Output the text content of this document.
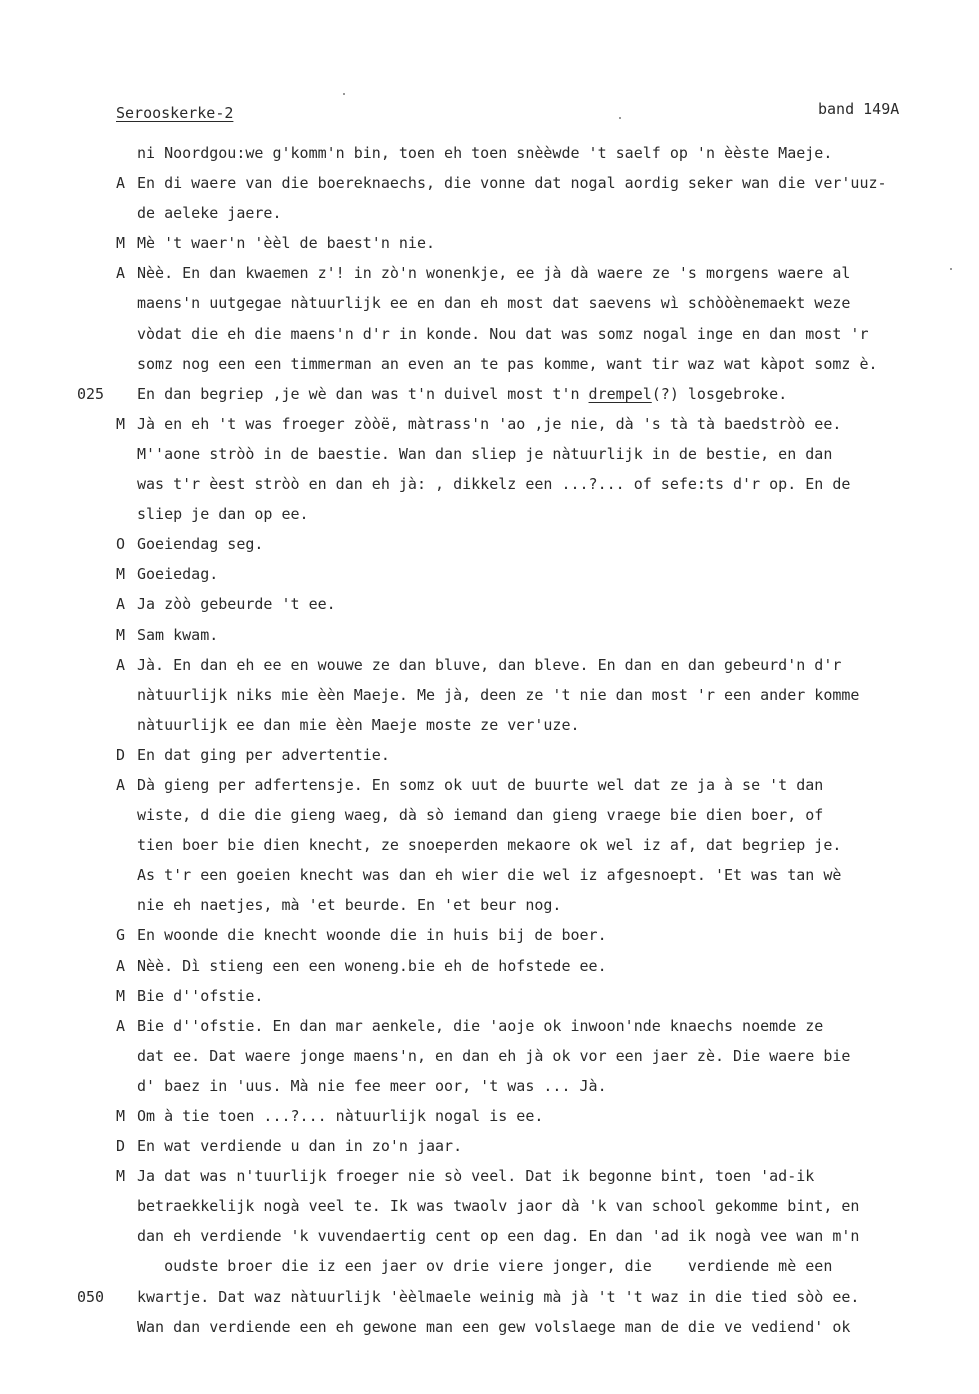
Serooskerke-2	band 149A
ni Noordgou:we g'komm'n bin, toen eh toen snèèwde 't saelf op 'n èèste Maeje.
A En di waere van die boereknaechs, die vonne dat nogal aordig seker wan die ver'uuz-
de aeleke jaere.
M Mè 't waer'n 'èèl de baest'n nie.
A Nèè. En dan kwaemen z'! in zò'n wonenkje, ee jà dà waere ze 's morgens waere al
maens'n uutgegae nàtuurlijk ee en dan eh most dat saevens wì schòòènemaekt weze
vòdat die eh die maens'n d'r in konde. Nou dat was somz nogal inge en dan most 'r
somz nog een een timmerman an even an te pas komme, want tir waz wat kàpot somz è.
025 En dan begriep ,je wè dan was t'n duivel most t'n drempel(?) losgebroke.
M Jà en eh 't was froeger zòòë, màtrass'n 'ao ,je nie, dà 's tà tà baedstròò ee.
M''aone stròò in de baestie. Wan dan sliep je nàtuurlijk in de bestie, en dan
was t'r èest stròò en dan eh jà: , dikkelz een ...?... of sefe:ts d'r op. En de
sliep je dan op ee.
O Goeiendag seg.
M Goeiedag.
A Ja zòò gebeurde 't ee.
M Sam kwam.
A Jà. En dan eh ee en wouwe ze dan bluve, dan bleve. En dan en dan gebeurd'n d'r
nàtuurlijk niks mie èèn Maeje. Me jà, deen ze 't nie dan most 'r een ander komme
nàtuurlijk ee dan mie èèn Maeje moste ze ver'uze.
D En dat ging per advertentie.
A Dà gieng per adfertensje. En somz ok uut de buurte wel dat ze ja à se 't dan
wiste, d die die gieng waeg, dà sò iemand dan gieng vraege bie dien boer, of
tien boer bie dien knecht, ze snoeperden mekaore ok wel iz af, dat begriep je.
As t'r een goeien knecht was dan eh wier die wel iz afgesnoept. 'Et was tan wè
nie eh naetjes, mà 'et beurde. En 'et beur nog.
G En woonde die knecht woonde die in huis bij de boer.
A Nèè. Dì stieng een een woneng.bie eh de hofstede ee.
M Bie d''ofstie.
A Bie d''ofstie. En dan mar aenkele, die 'aoje ok inwoon'nde knaechs noemde ze
dat ee. Dat waere jonge maens'n, en dan eh jà ok vor een jaer zè. Die waere bie
d' baez in 'uus. Mà nie fee meer oor, 't was ... Jà.
M Om à tie toen ...?... nàtuurlijk nogal is ee.
D En wat verdiende u dan in zo'n jaar.
M Ja dat was n'tuurlijk froeger nie sò veel. Dat ik begonne bint, toen 'ad-ik
betraekkelijk nogà veel te. Ik was twaolv jaor dà 'k van school gekomme bint, en
dan eh verdiende 'k vuvendaertig cent op een dag. En dan 'ad ik nogà vee wan m'n
oudste broer die iz een jaer ov drie viere jonger, die    verdiende mè een
050 kwartje. Dat waz nàtuurlijk 'èèlmaele weinig mà jà 't 't waz in die tied sòò ee.
Wan dan verdiende een eh gewone man een gew volslaege man de die ve vediend' ok
